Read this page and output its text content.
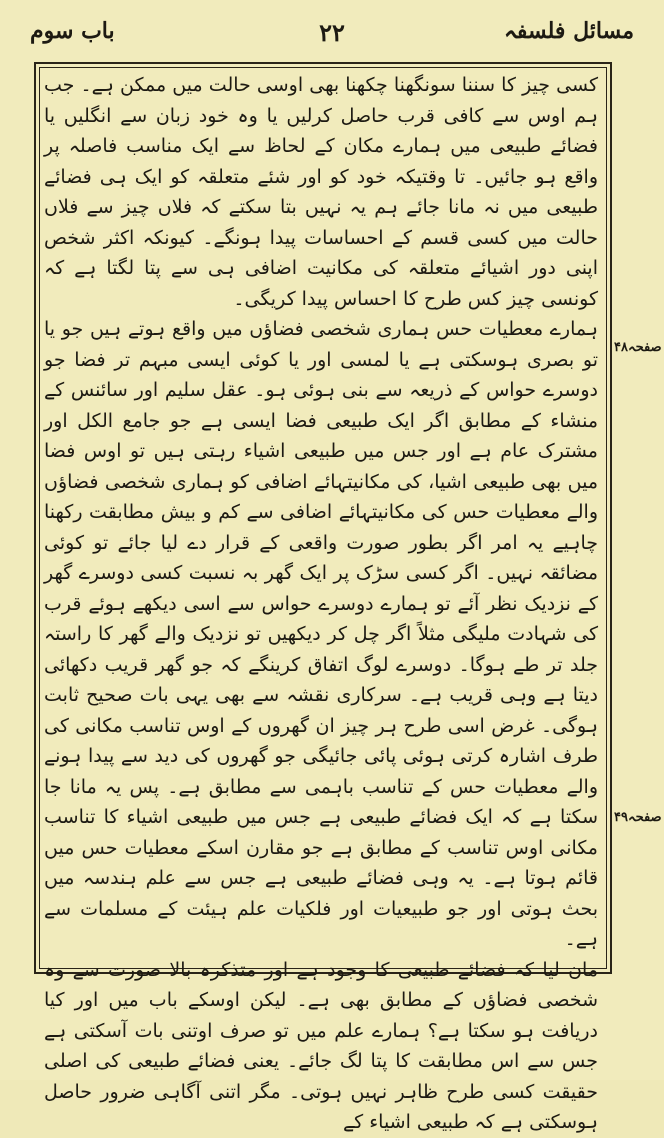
باب سوم	۲۲	مسائل فلسفہ

کسی چیز کا سننا سونگھنا چکھنا بھی اوسی حالت میں ممکن ہے۔ جب ہم اوس سے کافی قرب حاصل کرلیں یا وہ خود زبان سے انگلیں یا فضائے طبیعی میں ہمارے مکان کے لحاظ سے ایک مناسب فاصلہ پر واقع ہو جائیں۔ تا وقتیکہ خود کو اور شئے متعلقہ کو ایک ہی فضائے طبیعی میں نہ مانا جائے ہم یہ نہیں بتا سکتے کہ فلاں چیز سے فلاں حالت میں کسی قسم کے احساسات پیدا ہونگے۔ کیونکہ اکثر شخص اپنی دور اشیائے متعلقہ کی مکانیت اضافی ہی سے پتا لگتا ہے کہ کونسی چیز کس طرح کا احساس پیدا کریگی۔

ہمارے معطیات حس ہماری شخصی فضاؤں میں واقع ہوتے ہیں جو یا تو بصری ہوسکتی ہے یا لمسی اور یا کوئی ایسی مبہم تر فضا جو دوسرے حواس کے ذریعہ سے بنی ہوئی ہو۔ عقل سلیم اور سائنس کے منشاء کے مطابق اگر ایک طبیعی فضا ایسی ہے جو جامع الکل اور مشترک عام ہے اور جس میں طبیعی اشیاء رہتی ہیں تو اوس فضا میں بھی طبیعی اشیا، کی مکانیتہائے اضافی کو ہماری شخصی فضاؤں والے معطیات حس کی مکانیتہائے اضافی سے کم و بیش مطابقت رکھنا چاہیے یہ امر اگر بطور صورت واقعی کے قرار دے لیا جائے تو کوئی مضائقہ نہیں۔ اگر کسی سڑک پر ایک گھر بہ نسبت کسی دوسرے گھر کے نزدیک نظر آئے تو ہمارے دوسرے حواس سے اسی دیکھے ہوئے قرب کی شہادت ملیگی مثلاً اگر چل کر دیکھیں تو نزدیک والے گھر کا راستہ جلد تر طے ہوگا۔ دوسرے لوگ اتفاق کرینگے کہ جو گھر قریب دکھائی دیتا ہے وہی قریب ہے۔ سرکاری نقشہ سے بھی یہی بات صحیح ثابت ہوگی۔ غرض اسی طرح ہر چیز ان گھروں کے اوس تناسب مکانی کی طرف اشارہ کرتی ہوئی پائی جائیگی جو گھروں کی دید سے پیدا ہونے والے معطیات حس کے تناسب باہمی سے مطابق ہے۔ پس یہ مانا جا سکتا ہے کہ ایک فضائے طبیعی ہے جس میں طبیعی اشیاء کا تناسب مکانی اوس تناسب کے مطابق ہے جو مقارن اسکے معطیات حس میں قائم ہوتا ہے۔ یہ وہی فضائے طبیعی ہے جس سے علم ہندسہ میں بحث ہوتی اور جو طبیعیات اور فلکیات علم ہیئت کے مسلمات سے ہے۔

مان لیا کہ فضائے طبیعی کا وجود ہے اور متذکرہ بالا صورت سے وہ شخصی فضاؤں کے مطابق بھی ہے۔ لیکن اوسکے باب میں اور کیا دریافت ہو سکتا ہے؟ ہمارے علم میں تو صرف اوتنی بات آسکتی ہے جس سے اس مطابقت کا پتا لگ جائے۔ یعنی فضائے طبیعی کی اصلی حقیقت کسی طرح ظاہر نہیں ہوتی۔ مگر اتنی آگاہی ضرور حاصل ہوسکتی ہے کہ طبیعی اشیاء کے

صفحہ۴۸
صفحہ۴۹
